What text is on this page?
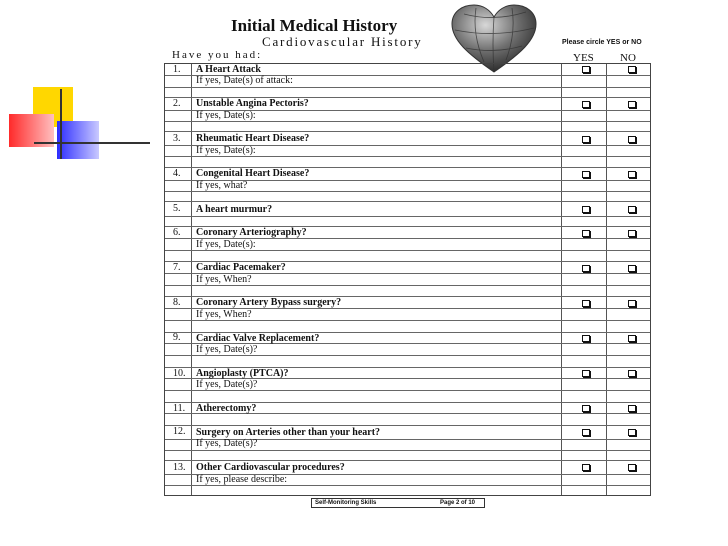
Initial Medical History
Cardiovascular History	Please circle YES or NO
Have you had:	YES NO
1. A Heart Attack
If yes, Date(s) of attack:
2. Unstable Angina Pectoris?
If yes, Date(s):
3. Rheumatic Heart Disease?
If yes, Date(s):
4. Congenital Heart Disease?
If yes, what?
5. A heart murmur?
6. Coronary Arteriography?
If yes, Date(s):
7. Cardiac Pacemaker?
If yes, When?
8. Coronary Artery Bypass surgery?
If yes, When?
9. Cardiac Valve Replacement?
If yes, Date(s)?
10. Angioplasty (PTCA)?
If yes, Date(s)?
11. Atherectomy?
12. Surgery on Arteries other than your heart?
If yes, Date(s)?
13. Other Cardiovascular procedures?
If yes, please describe:
Self-Monitoring Skills	Page 2 of 10
